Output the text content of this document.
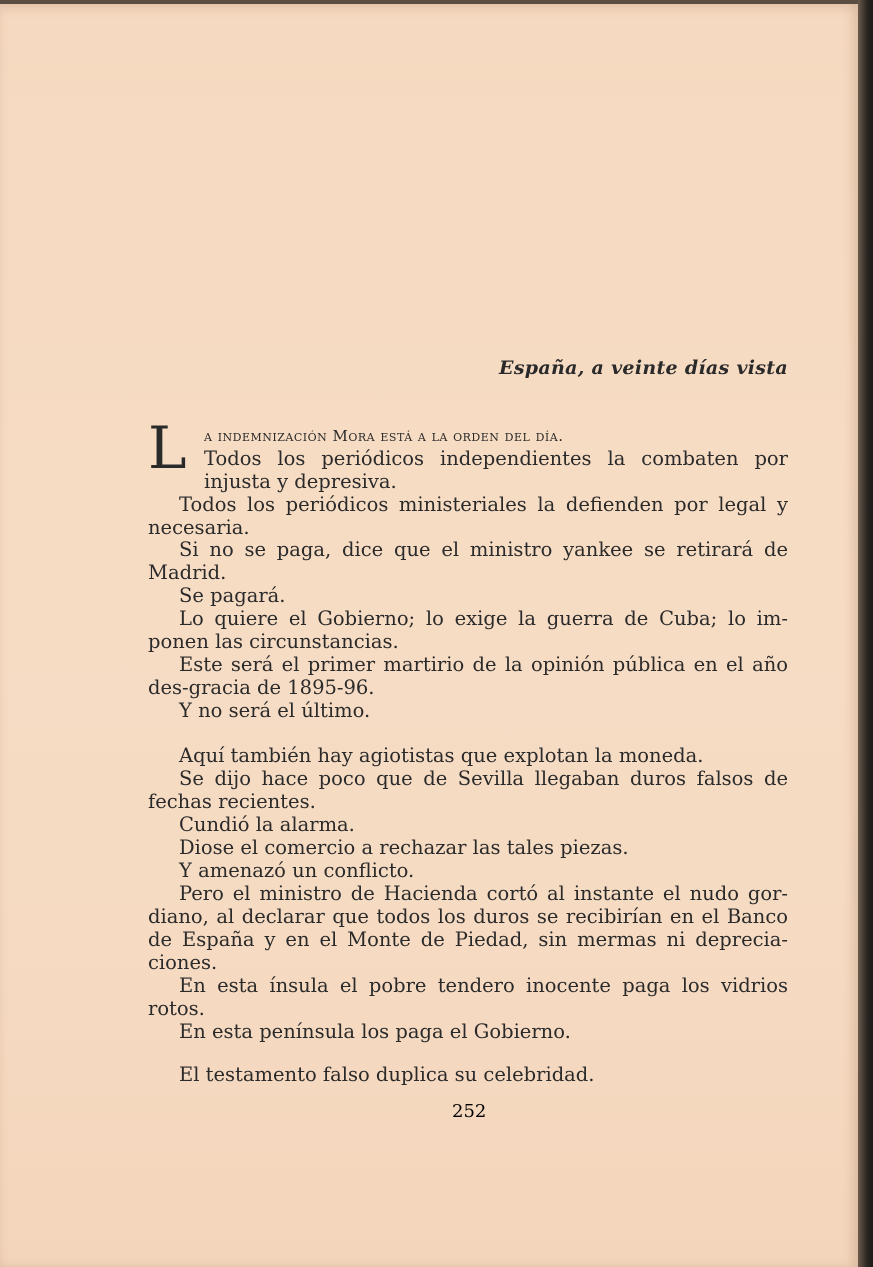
España, a veinte días vista
L a indemnización Mora está a la orden del día.
Todos los periódicos independientes la combaten por
injusta y depresiva.
Todos los periódicos ministeriales la defienden por legal y
necesaria.
Si no se paga, dice que el ministro yankee se retirará de
Madrid.
Se pagará.
Lo quiere el Gobierno; lo exige la guerra de Cuba; lo im-
ponen las circunstancias.
Este será el primer martirio de la opinión pública en el año
des-gracia de 1895-96.
Y no será el último.
Aquí también hay agiotistas que explotan la moneda.
Se dijo hace poco que de Sevilla llegaban duros falsos de
fechas recientes.
Cundió la alarma.
Diose el comercio a rechazar las tales piezas.
Y amenazó un conflicto.
Pero el ministro de Hacienda cortó al instante el nudo gor-
diano, al declarar que todos los duros se recibirían en el Banco
de España y en el Monte de Piedad, sin mermas ni deprecia-
ciones.
En esta ínsula el pobre tendero inocente paga los vidrios
rotos.
En esta península los paga el Gobierno.
El testamento falso duplica su celebridad.
252
